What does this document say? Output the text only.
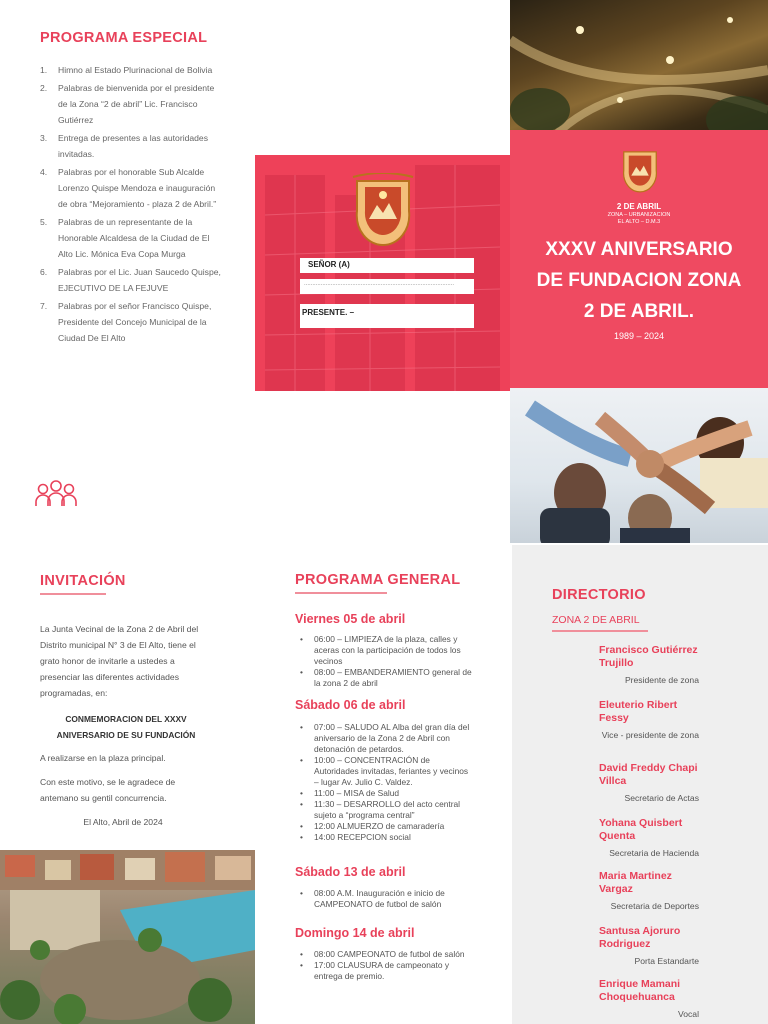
PROGRAMA ESPECIAL
1.	Himno al Estado Plurinacional de Bolivia
2.	Palabras de bienvenida por el presidente de la Zona “2 de abril” Lic. Francisco Gutiérrez
3.	Entrega de presentes a las autoridades invitadas.
4.	Palabras por el honorable Sub Alcalde Lorenzo Quispe Mendoza e inauguración de obra “Mejoramiento - plaza 2 de Abril.”
5.	Palabras de un representante de la Honorable Alcaldesa de la Ciudad de El Alto Lic. Mónica Eva Copa Murga
6.	Palabras por el Lic. Juan Saucedo Quispe, EJECUTIVO DE LA FEJUVE
7.	Palabras por el señor Francisco Quispe, Presidente del Concejo Municipal de la Ciudad De El Alto
SEÑOR (A)
..........................................................................................
PRESENTE. –
2 DE ABRIL
ZONA – URBANIZACION
EL ALTO – D.M.3
XXXV ANIVERSARIO
DE FUNDACION ZONA
2 DE ABRIL.
1989 – 2024
INVITACIÓN
La Junta Vecinal de la Zona 2 de Abril del Distrito municipal N° 3 de El Alto, tiene el grato honor de invitarle a ustedes a presenciar las diferentes actividades programadas, en:
CONMEMORACION DEL XXXV
ANIVERSARIO DE SU FUNDACIÓN
A realizarse en la plaza principal.
Con este motivo, se le agradece de antemano su gentil concurrencia.
El Alto, Abril de 2024
PROGRAMA GENERAL
Viernes 05 de abril
• 06:00 – LIMPIEZA de la plaza, calles y aceras con la participación de todos los vecinos
• 08:00 – EMBANDERAMIENTO general de la zona 2 de abril
Sábado 06 de abril
• 07:00 – SALUDO AL Alba del gran día del aniversario de la Zona 2 de Abril con detonación de petardos.
• 10:00 – CONCENTRACIÓN de Autoridades invitadas, feriantes y vecinos – lugar Av. Julio C. Valdez.
• 11:00 – MISA de Salud
• 11:30 – DESARROLLO del acto central sujeto a “programa central”
• 12:00 ALMUERZO de camaradería
• 14:00 RECEPCION social
Sábado 13 de abril
• 08:00 A.M. Inauguración e inicio de CAMPEONATO de futbol de salón
Domingo 14 de abril
• 08:00 CAMPEONATO de futbol de salón
• 17:00 CLAUSURA de campeonato y entrega de premio.
DIRECTORIO
ZONA 2 DE ABRIL
Francisco Gutiérrez Trujillo
Presidente de zona
Eleuterio Ribert Fessy
Vice - presidente de zona
David Freddy Chapi Villca
Secretario de Actas
Yohana Quisbert Quenta
Secretaria de Hacienda
Maria Martinez Vargaz
Secretaria de Deportes
Santusa Ajoruro Rodriguez
Porta Estandarte
Enrique Mamani Choquehuanca
Vocal
